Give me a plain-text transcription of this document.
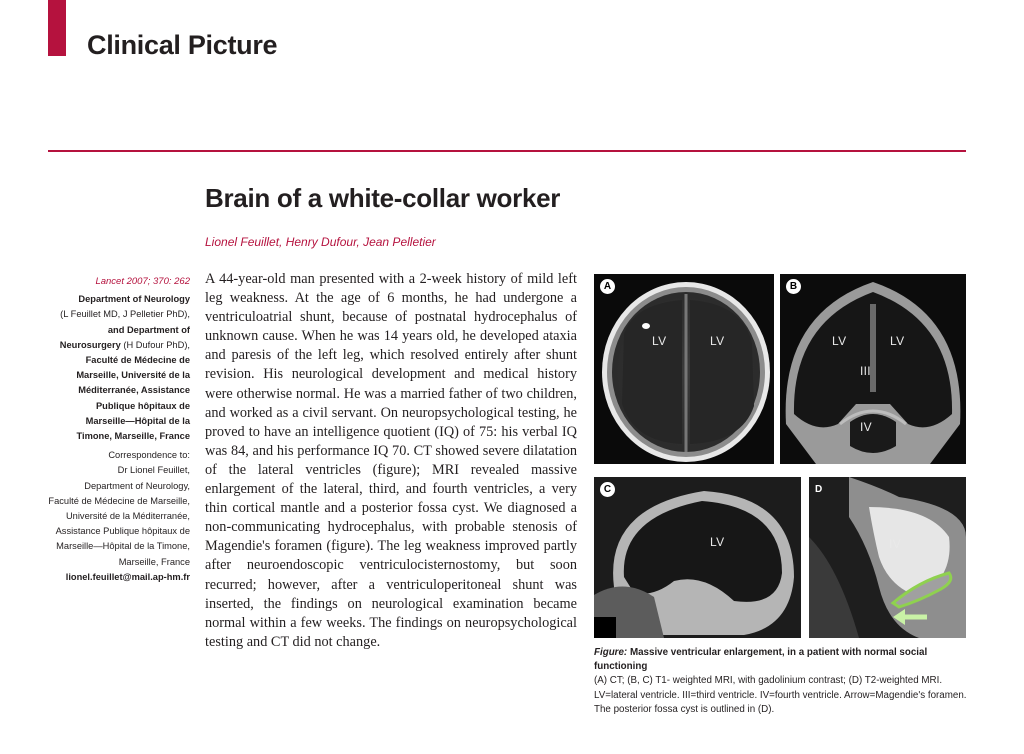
Clinical Picture
Brain of a white-collar worker
Lionel Feuillet, Henry Dufour, Jean Pelletier
Lancet 2007; 370: 262
Department of Neurology
(L Feuillet MD, J Pelletier PhD),
and Department of
Neurosurgery (H Dufour PhD),
Faculté de Médecine de
Marseille, Université de la
Méditerranée, Assistance
Publique hôpitaux de
Marseille—Hôpital de la
Timone, Marseille, France
Correspondence to:
Dr Lionel Feuillet,
Department of Neurology,
Faculté de Médecine de Marseille,
Université de la Méditerranée,
Assistance Publique hôpitaux de
Marseille—Hôpital de la Timone,
Marseille, France
lionel.feuillet@mail.ap-hm.fr
A 44-year-old man presented with a 2-week history of mild left leg weakness. At the age of 6 months, he had undergone a ventriculoatrial shunt, because of postnatal hydrocephalus of unknown cause. When he was 14 years old, he developed ataxia and paresis of the left leg, which resolved entirely after shunt revision. His neurological development and medical history were otherwise normal. He was a married father of two children, and worked as a civil servant. On neuropsychological testing, he proved to have an intelligence quotient (IQ) of 75: his verbal IQ was 84, and his performance IQ 70. CT showed severe dilatation of the lateral ventricles (figure); MRI revealed massive enlargement of the lateral, third, and fourth ventricles, a very thin cortical mantle and a posterior fossa cyst. We diagnosed a non-communicating hydrocephalus, with probable stenosis of Magendie's foramen (figure). The leg weakness improved partly after neuroendoscopic ventriculocisternostomy, but soon recurred; however, after a ventriculoperitoneal shunt was inserted, the findings on neurological examination became normal within a few weeks. The findings on neuropsychological testing and CT did not change.
A
LV	LV
B
LV	LV
III
IV
C
LV
D
IV
Figure: Massive ventricular enlargement, in a patient with normal social functioning
(A) CT; (B, C) T1- weighted MRI, with gadolinium contrast; (D) T2-weighted MRI. LV=lateral ventricle. III=third ventricle. IV=fourth ventricle. Arrow=Magendie's foramen. The posterior fossa cyst is outlined in (D).
